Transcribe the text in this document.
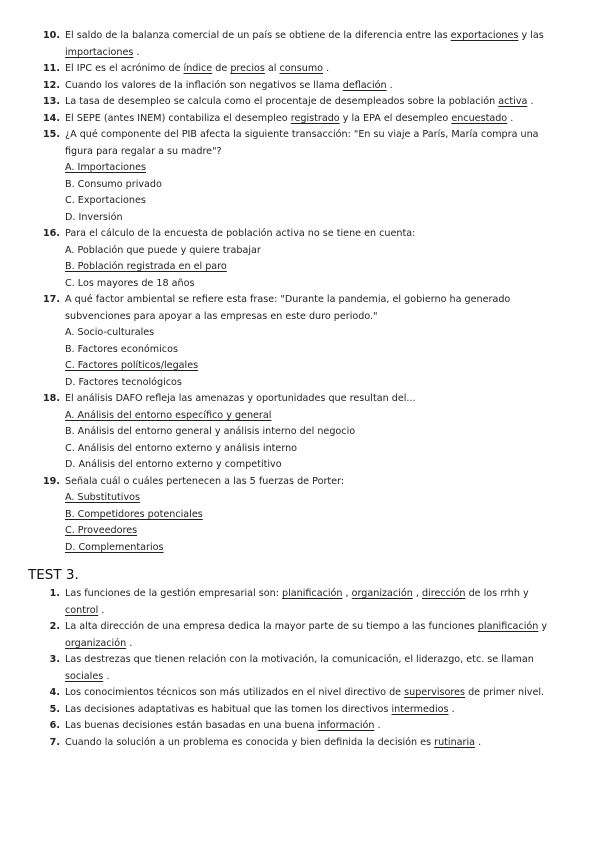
10. El saldo de la balanza comercial de un país se obtiene de la diferencia entre las exportaciones y las importaciones .
11. El IPC es el acrónimo de índice de precios al consumo .
12. Cuando los valores de la inflación son negativos se llama deflación .
13. La tasa de desempleo se calcula como el procentaje de desempleados sobre la población activa .
14. El SEPE (antes INEM) contabiliza el desempleo registrado y la EPA el desempleo encuestado .
15. ¿A qué componente del PIB afecta la siguiente transacción: "En su viaje a París, María compra una figura para regalar a su madre"?
A. Importaciones
B. Consumo privado
C. Exportaciones
D. Inversión
16. Para el cálculo de la encuesta de población activa no se tiene en cuenta:
A. Población que puede y quiere trabajar
B. Población registrada en el paro
C. Los mayores de 18 años
17. A qué factor ambiental se refiere esta frase: "Durante la pandemia, el gobierno ha generado subvenciones para apoyar a las empresas en este duro periodo."
A. Socio-culturales
B. Factores económicos
C. Factores políticos/legales
D. Factores tecnológicos
18. El análisis DAFO refleja las amenazas y oportunidades que resultan del...
A. Análisis del entorno específico y general
B. Análisis del entorno general y análisis interno del negocio
C. Análisis del entorno externo y análisis interno
D. Análisis del entorno externo y competitivo
19. Señala cuál o cuáles pertenecen a las 5 fuerzas de Porter:
A. Substitutivos
B. Competidores potenciales
C. Proveedores
D. Complementarios
TEST 3.
1. Las funciones de la gestión empresarial son: planificación , organización , dirección de los rrhh y control .
2. La alta dirección de una empresa dedica la mayor parte de su tiempo a las funciones planificación y organización .
3. Las destrezas que tienen relación con la motivación, la comunicación, el liderazgo, etc. se llaman sociales .
4. Los conocimientos técnicos son más utilizados en el nivel directivo de supervisores de primer nivel.
5. Las decisiones adaptativas es habitual que las tomen los directivos intermedios .
6. Las buenas decisiones están basadas en una buena información .
7. Cuando la solución a un problema es conocida y bien definida la decisión es rutinaria .
